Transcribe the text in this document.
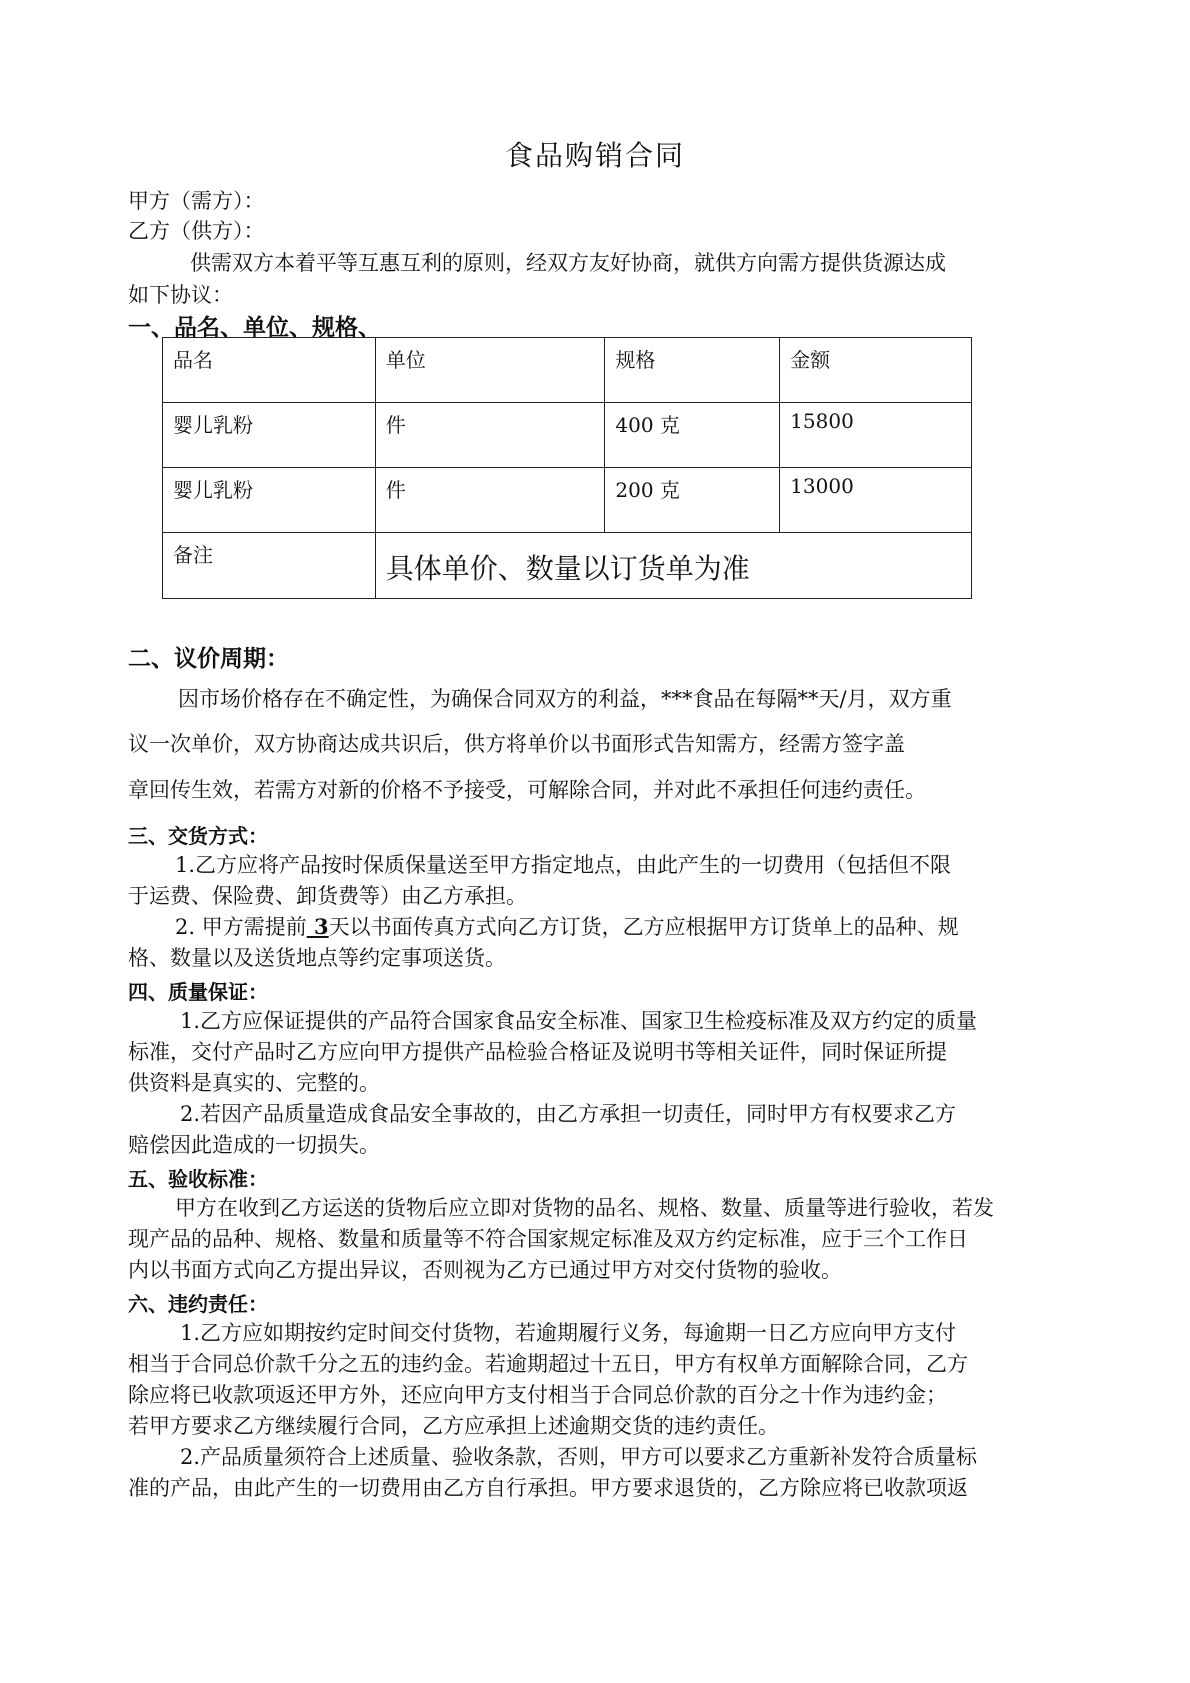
食品购销合同
甲方（需方）：
乙方（供方）：
供需双方本着平等互惠互利的原则，经双方友好协商，就供方向需方提供货源达成
如下协议：
一、品名、单位、规格、
品名	单位	规格	金额
婴儿乳粉	件	400 克	15800
婴儿乳粉	件	200 克	13000
备注	具体单价、数量以订货单为准		
二、议价周期：
因市场价格存在不确定性，为确保合同双方的利益，***食品在每隔**天/月，双方重
议一次单价，双方协商达成共识后，供方将单价以书面形式告知需方，经需方签字盖
章回传生效，若需方对新的价格不予接受，可解除合同，并对此不承担任何违约责任。
三、交货方式：
1.乙方应将产品按时保质保量送至甲方指定地点，由此产生的一切费用（包括但不限
于运费、保险费、卸货费等）由乙方承担。
2. 甲方需提前 3天以书面传真方式向乙方订货，乙方应根据甲方订货单上的品种、规
格、数量以及送货地点等约定事项送货。
四、质量保证：
1.乙方应保证提供的产品符合国家食品安全标准、国家卫生检疫标准及双方约定的质量
标准，交付产品时乙方应向甲方提供产品检验合格证及说明书等相关证件，同时保证所提
供资料是真实的、完整的。
2.若因产品质量造成食品安全事故的，由乙方承担一切责任，同时甲方有权要求乙方
赔偿因此造成的一切损失。
五、验收标准：
甲方在收到乙方运送的货物后应立即对货物的品名、规格、数量、质量等进行验收，若发
现产品的品种、规格、数量和质量等不符合国家规定标准及双方约定标准，应于三个工作日
内以书面方式向乙方提出异议，否则视为乙方已通过甲方对交付货物的验收。
六、违约责任：
1.乙方应如期按约定时间交付货物，若逾期履行义务，每逾期一日乙方应向甲方支付
相当于合同总价款千分之五的违约金。若逾期超过十五日，甲方有权单方面解除合同，乙方
除应将已收款项返还甲方外，还应向甲方支付相当于合同总价款的百分之十作为违约金；
若甲方要求乙方继续履行合同，乙方应承担上述逾期交货的违约责任。
2.产品质量须符合上述质量、验收条款，否则，甲方可以要求乙方重新补发符合质量标
准的产品，由此产生的一切费用由乙方自行承担。甲方要求退货的，乙方除应将已收款项返
